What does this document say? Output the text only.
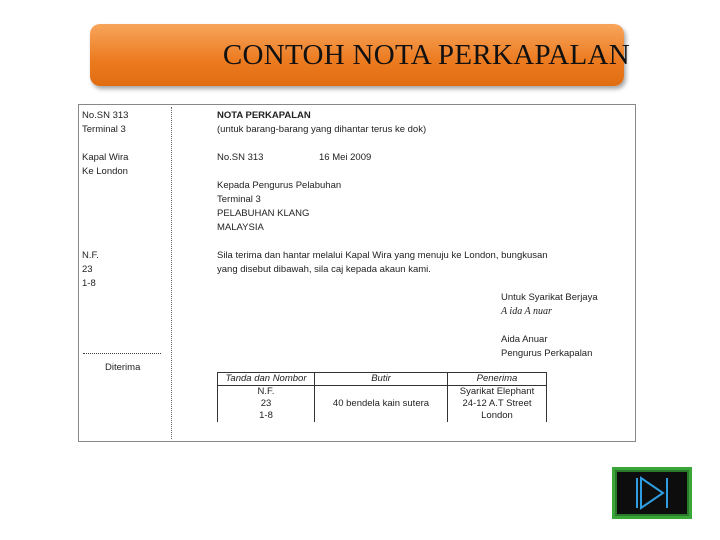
CONTOH NOTA PERKAPALAN
No.SN 313
Terminal 3
Kapal Wira
Ke London
N.F.
23
1-8
Diterima
NOTA PERKAPALAN
(untuk barang-barang yang dihantar terus ke dok)
No.SN 313	16 Mei 2009
Kepada Pengurus Pelabuhan
Terminal 3
PELABUHAN KLANG
MALAYSIA
Sila terima dan hantar melalui Kapal Wira yang menuju ke London, bungkusan
yang disebut dibawah, sila caj kepada akaun kami.
Untuk Syarikat Berjaya
A ida A nuar
Aida Anuar
Pengurus Perkapalan
Tanda dan Nombor	Butir	Penerima
N.F.		Syarikat Elephant
23	40 bendela kain sutera	24-12 A.T Street
1-8		London
